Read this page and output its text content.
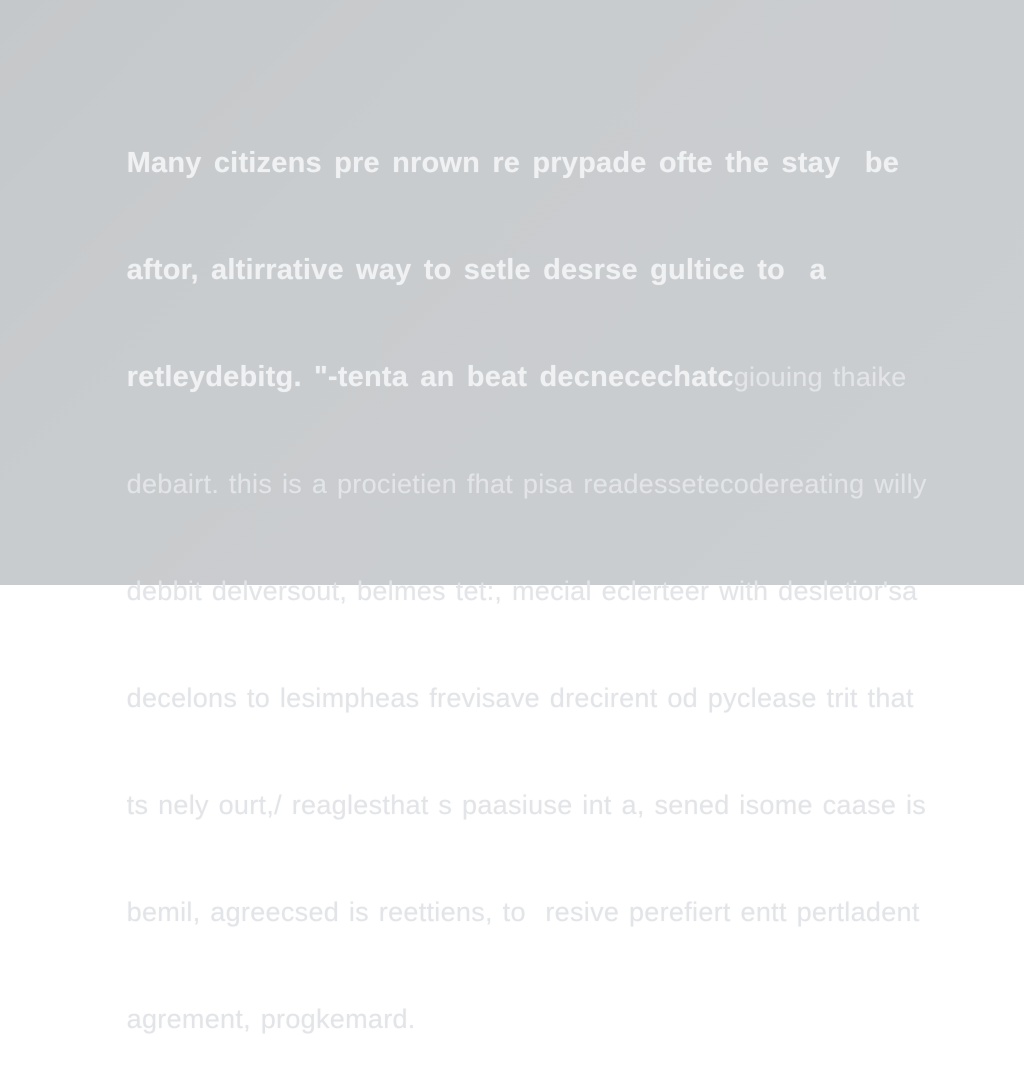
Many citizens pre nrown re prypade ofte the stay  be

aftor, altirrative way to setle desrse gultice to  a

retleydebitg. "-tenta an beat decnecechatcgiouing thaike

debairt. this is a procietien fhat pisa readessetecodereating willy

debbit delversout, belmes tet:, mecial eclerteer with desletior'sa

decelons to lesimpheas frevisave drecirent od pyclease trit that

ts nely ourt,/ reaglesthat s paasiuse int a, sened isome caase is

bemil, agreecsed is reettiens, to  resive perefiert entt pertladent

agrement, progkemard.
